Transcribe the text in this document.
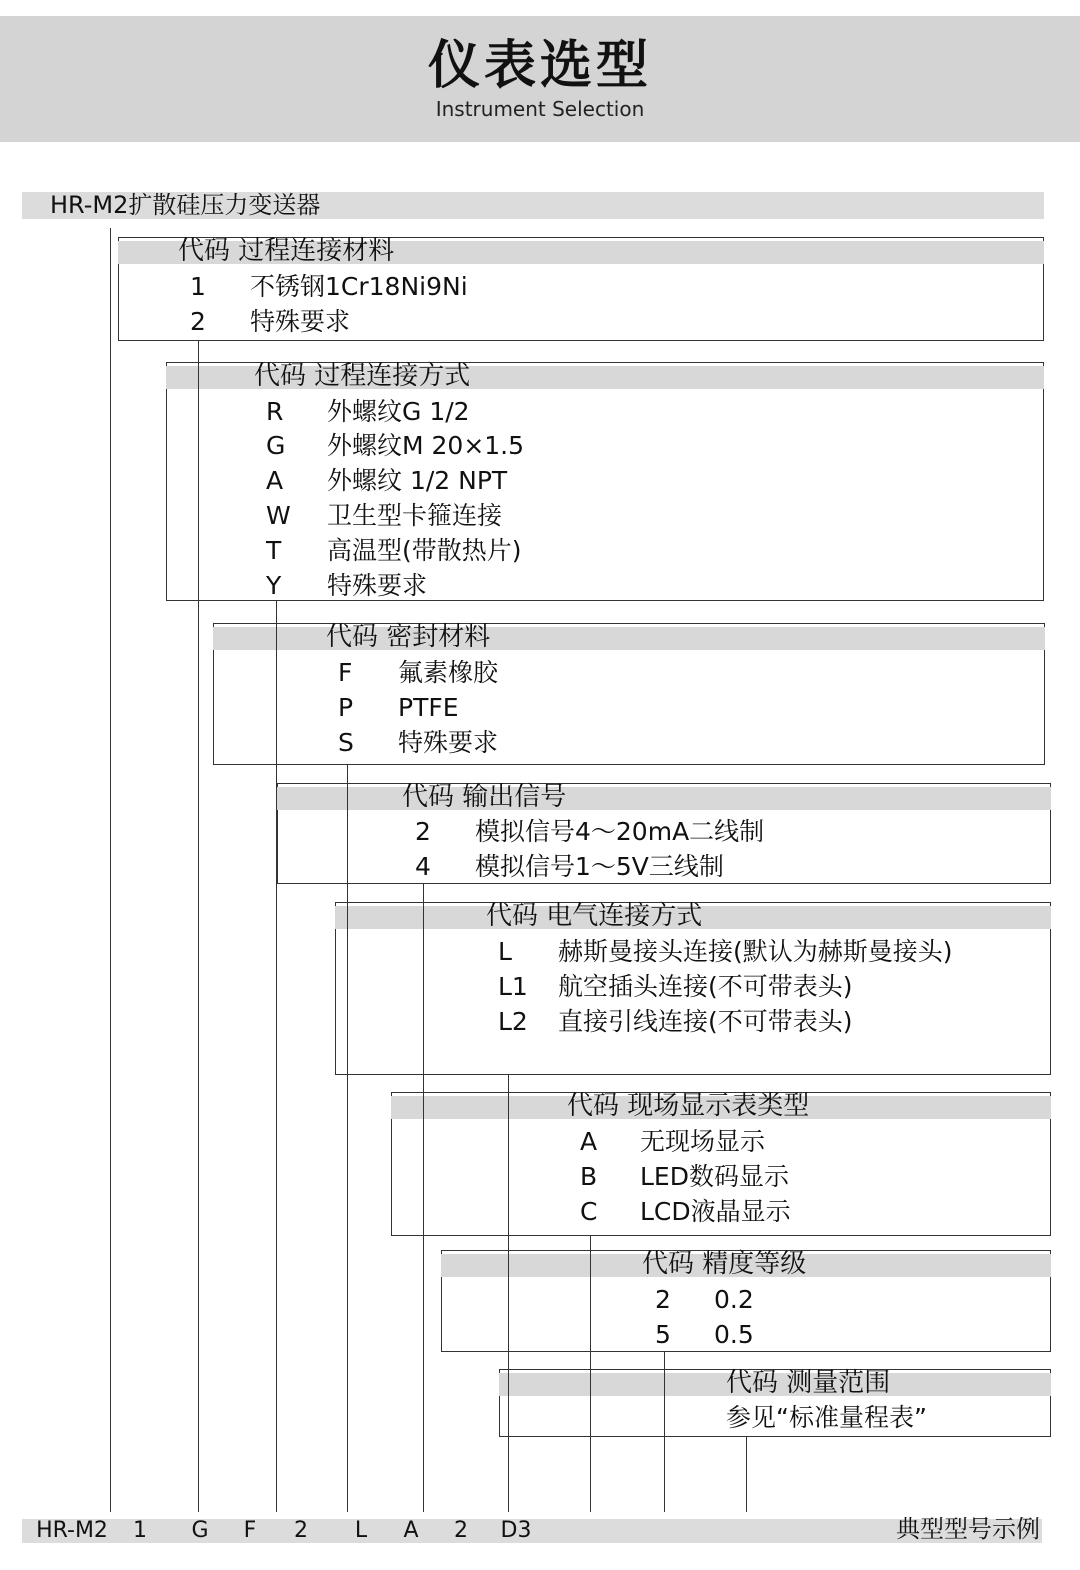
仪表选型
Instrument Selection
HR-M2扩散硅压力变送器
代码 过程连接材料
1 不锈钢1Cr18Ni9Ni
2 特殊要求
代码 过程连接方式
R 外螺纹G 1/2
G 外螺纹M 20×1.5
A 外螺纹 1/2 NPT
W 卫生型卡箍连接
T 高温型(带散热片)
Y 特殊要求
代码 密封材料
F 氟素橡胶
P PTFE
S 特殊要求
代码 输出信号
2 模拟信号4～20mA二线制
4 模拟信号1～5V三线制
代码 电气连接方式
L 赫斯曼接头连接(默认为赫斯曼接头)
L1 航空插头连接(不可带表头)
L2 直接引线连接(不可带表头)
代码 现场显示表类型
A 无现场显示
B LED数码显示
C LCD液晶显示
代码 精度等级
2 0.2
5 0.5
代码 测量范围
参见“标准量程表”
HR-M2 1 G F 2 L A 2 D3	典型型号示例
